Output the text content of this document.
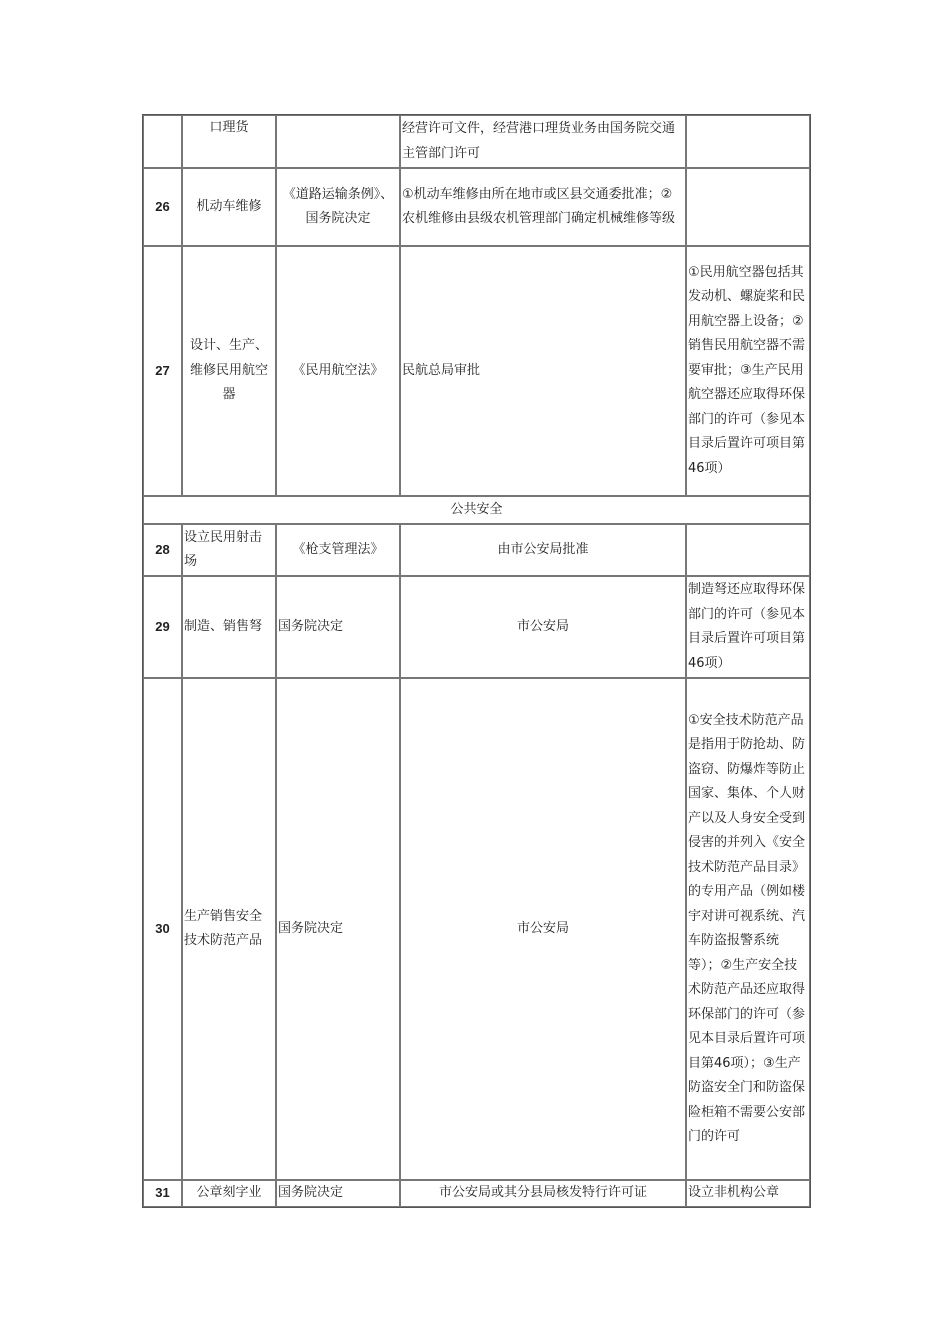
	口理货		经营许可文件，经营港口理货业务由国务院交通主管部门许可	
26	机动车维修	《道路运输条例》、国务院决定	①机动车维修由所在地市或区县交通委批准；②农机维修由县级农机管理部门确定机械维修等级	
27	设计、生产、维修民用航空器	《民用航空法》	民航总局审批	①民用航空器包括其发动机、螺旋桨和民用航空器上设备；②销售民用航空器不需要审批；③生产民用航空器还应取得环保部门的许可（参见本目录后置许可项目第46项）
公共安全				
28	设立民用射击场	《枪支管理法》	由市公安局批准	
29	制造、销售弩	国务院决定	市公安局	制造弩还应取得环保部门的许可（参见本目录后置许可项目第46项）
30	生产销售安全技术防范产品	国务院决定	市公安局	①安全技术防范产品是指用于防抢劫、防盗窃、防爆炸等防止国家、集体、个人财产以及人身安全受到侵害的并列入《安全技术防范产品目录》的专用产品（例如楼宇对讲可视系统、汽车防盗报警系统等）；②生产安全技术防范产品还应取得环保部门的许可（参见本目录后置许可项目第46项）；③生产防盗安全门和防盗保险柜箱不需要公安部门的许可
31	公章刻字业	国务院决定	市公安局或其分县局核发特行许可证	设立非机构公章
